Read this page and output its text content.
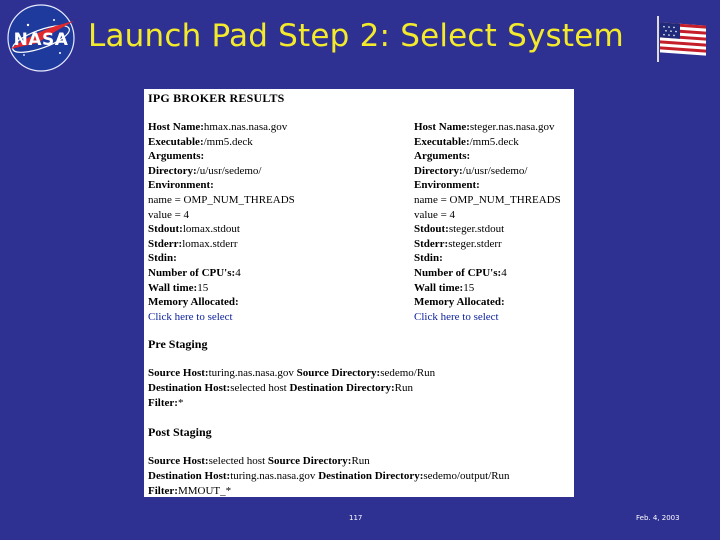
NASA Launch Pad Step 2: Select System
IPG BROKER RESULTS
Host Name:hmax.nas.nasa.gov
Executable:/mm5.deck
Arguments:
Directory:/u/usr/sedemo/
Environment:
name = OMP_NUM_THREADS
value = 4
Stdout:lomax.stdout
Stderr:lomax.stderr
Stdin:
Number of CPU's:4
Wall time:15
Memory Allocated:
Click here to select
Host Name:steger.nas.nasa.gov
Executable:/mm5.deck
Arguments:
Directory:/u/usr/sedemo/
Environment:
name = OMP_NUM_THREADS
value = 4
Stdout:steger.stdout
Stderr:steger.stderr
Stdin:
Number of CPU's:4
Wall time:15
Memory Allocated:
Click here to select
Pre Staging
Source Host:turing.nas.nasa.gov Source Directory:sedemo/Run
Destination Host:selected host Destination Directory:Run
Filter:*
Post Staging
Source Host:selected host Source Directory:Run
Destination Host:turing.nas.nasa.gov Destination Directory:sedemo/output/Run
Filter:MMOUT_*
117	Feb. 4, 2003
